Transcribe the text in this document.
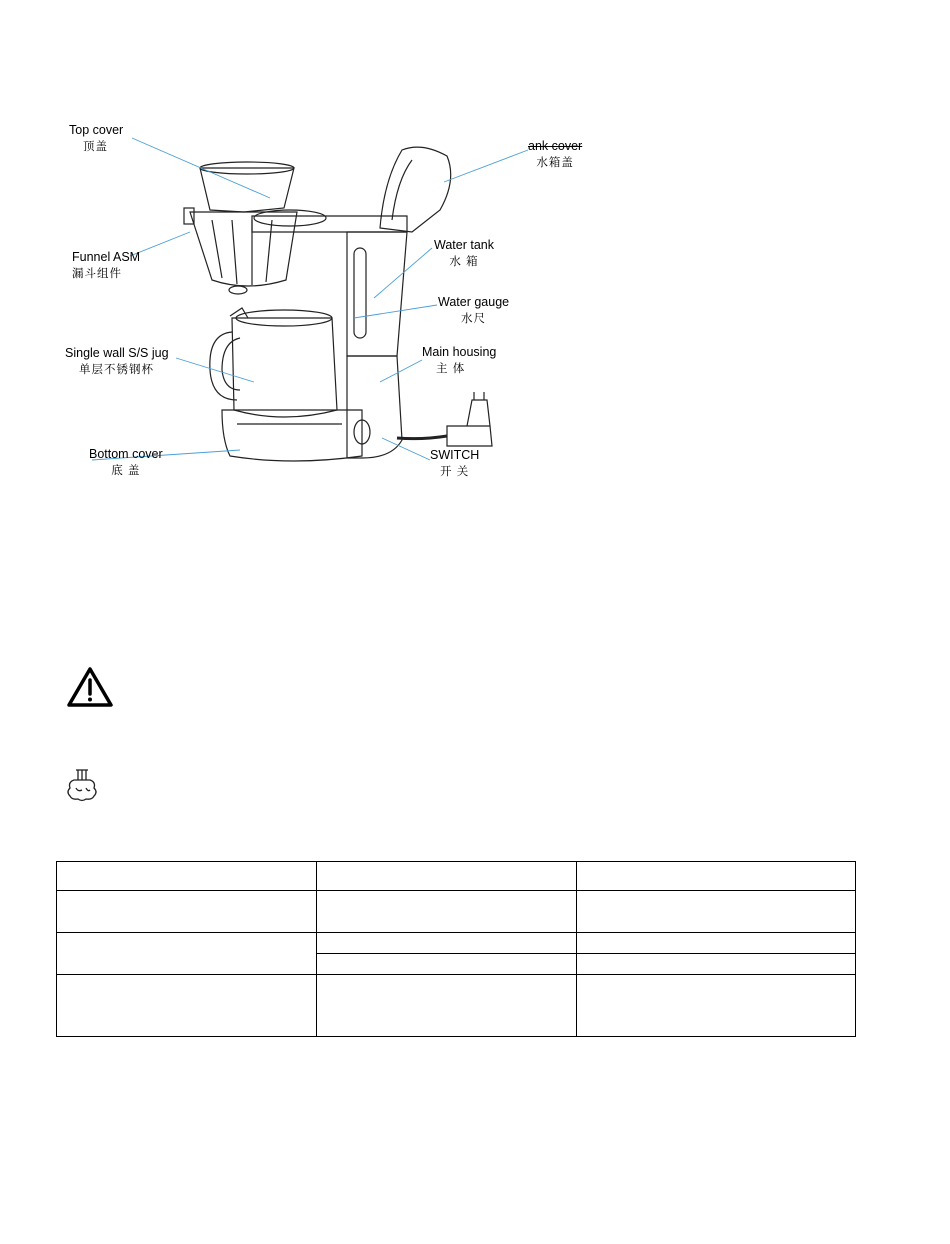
Top cover
顶盖	ank cover
水箱盖
Funnel ASM
漏斗组件
Water tank
水 箱
Water gauge
水尺
Single wall S/S jug
单层不锈钢杯
Main housing
主 体
Bottom cover
底 盖
SWITCH
开 关
